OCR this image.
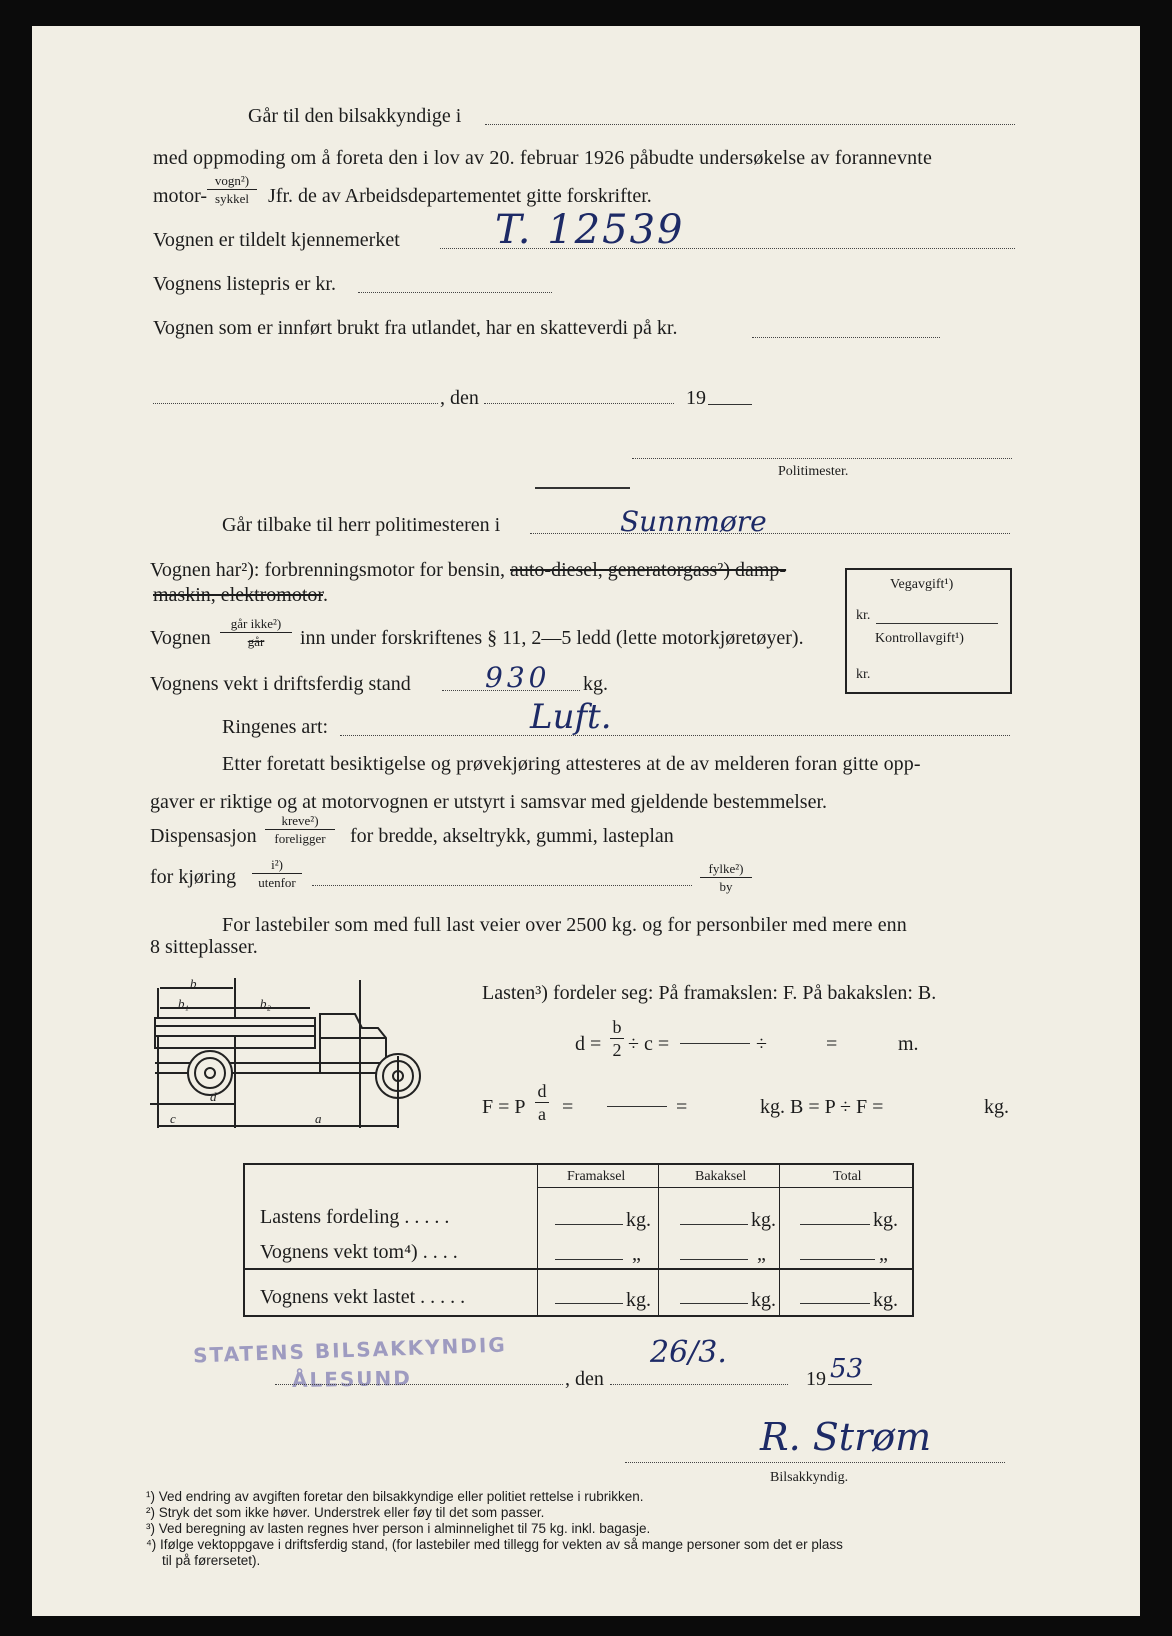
Går til den bilsakkyndige i
med oppmoding om å foreta den i lov av 20. februar 1926 påbudte undersøkelse av forannevnte
motor-
vogn²)
sykkel Jfr. de av Arbeidsdepartementet gitte forskrifter.
Vognen er tildelt kjennemerket T. 12539
Vognens listepris er kr.
Vognen som er innført brukt fra utlandet, har en skatteverdi på kr.
, den	19
Politimester.
Går tilbake til herr politimesteren i	Sunnmøre
Vognen har²): forbrenningsmotor for bensin, auto-diesel, generatorgass²) damp-
maskin, elektromotor.
Vognen
går ikke²)
går	inn under forskriftenes § 11, 2—5 ledd (lette motorkjøretøyer).
Vognens vekt i driftsferdig stand	930 kg.
Ringenes art:	Luft.
Etter foretatt besiktigelse og prøvekjøring attesteres at de av melderen foran gitte opp-
gaver er riktige og at motorvognen er utstyrt i samsvar med gjeldende bestemmelser.
Dispensasjon
kreve²)
foreligger	for bredde, akseltrykk, gummi, lasteplan
for kjøring
i²)
utenfor
fylke²)
by
Vegavgift¹)
kr.
Kontrollavgift¹)
kr.
For lastebiler som med full last veier over 2500 kg. og for personbiler med mere enn
8 sitteplasser.
b
b₁	b₂
c
d
a
Lasten³) fordeler seg: På framakslen: F. På bakakslen: B.
$d = \frac{b}{2} \div c$ =	÷	=	m.
F = P $\frac{d}{a}$ =	=	kg. B = P ÷ F =	kg.
Framaksel	Bakaksel	Total
Lastens fordeling . . . . .	kg.	kg.	kg.
Vognens vekt tom⁴) . . . .	„	„	„
Vognens vekt lastet . . . . .	kg.	kg.	kg.
STATENS BILSAKKYNDIG
ÅLESUND	, den
26/3.
19 53
R. Strøm
Bilsakkyndig.
¹) Ved endring av avgiften foretar den bilsakkyndige eller politiet rettelse i rubrikken.
²) Stryk det som ikke høver. Understrek eller føy til det som passer.
³) Ved beregning av lasten regnes hver person i alminnelighet til 75 kg. inkl. bagasje.
⁴) Ifølge vektoppgave i driftsferdig stand, (for lastebiler med tillegg for vekten av så mange personer som det er plass
til på førersetet).
